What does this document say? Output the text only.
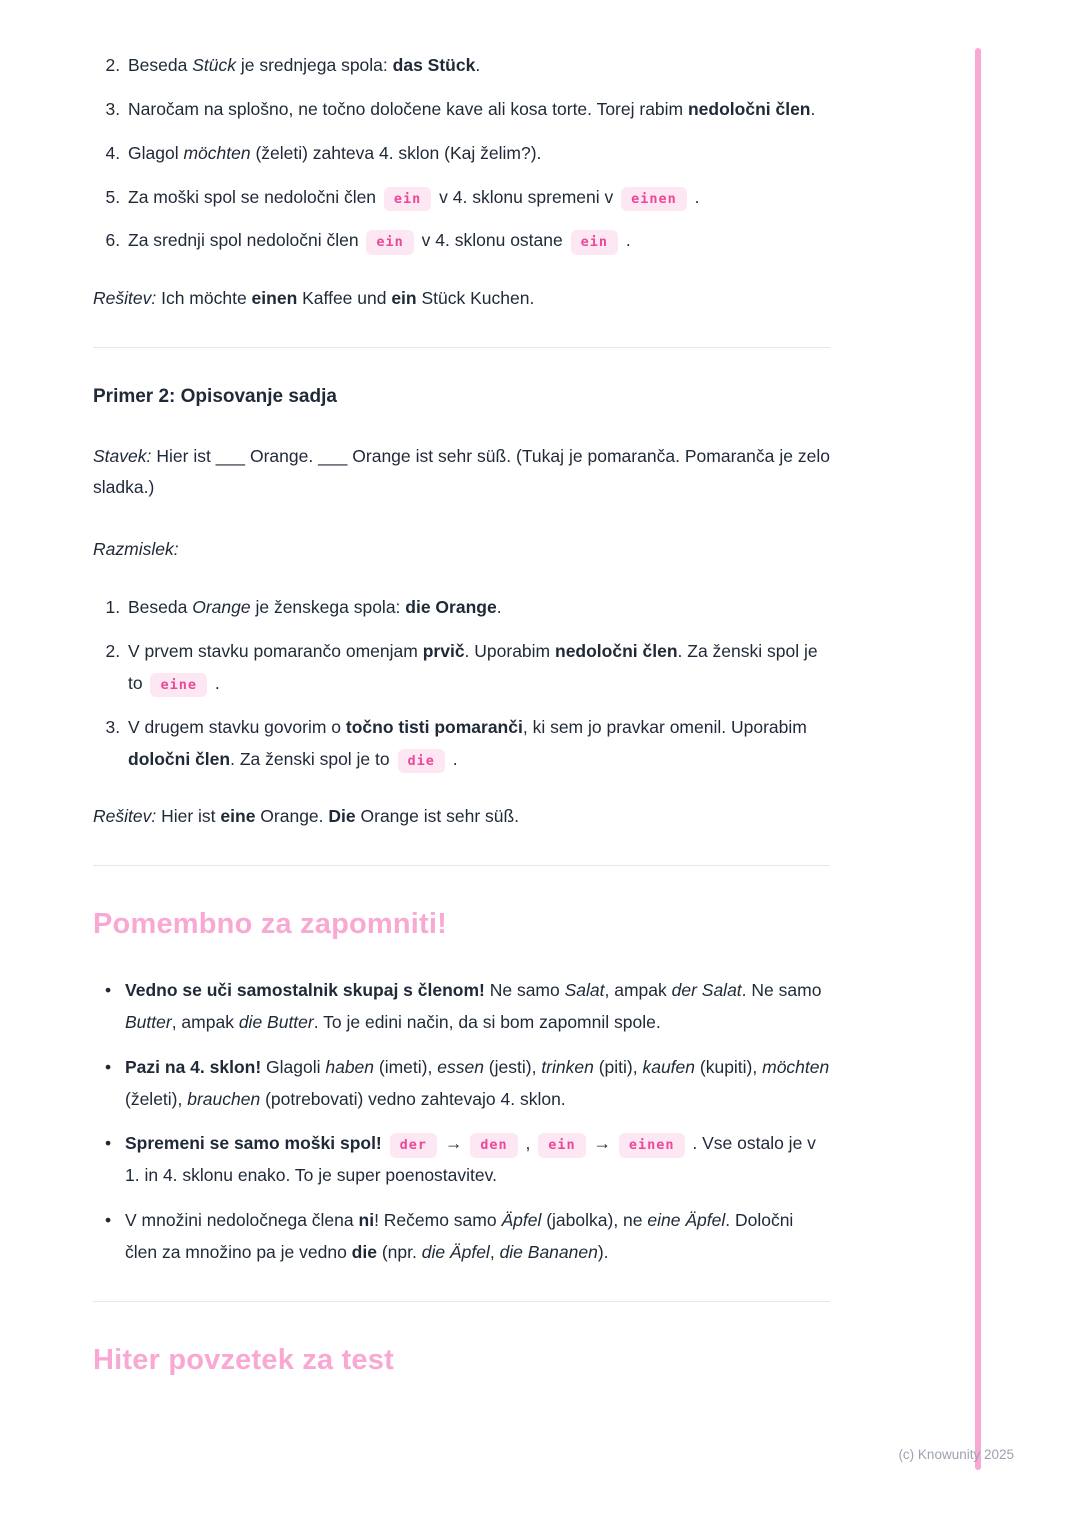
2. Beseda Stück je srednjega spola: das Stück.
3. Naročam na splošno, ne točno določene kave ali kosa torte. Torej rabim nedoločni člen.
4. Glagol möchten (želeti) zahteva 4. sklon (Kaj želim?).
5. Za moški spol se nedoločni člen ein v 4. sklonu spremeni v einen .
6. Za srednji spol nedoločni člen ein v 4. sklonu ostane ein .

Rešitev: Ich möchte einen Kaffee und ein Stück Kuchen.

Primer 2: Opisovanje sadja

Stavek: Hier ist ___ Orange. ___ Orange ist sehr süß. (Tukaj je pomaranča. Pomaranča je zelo sladka.)

Razmislek:

1. Beseda Orange je ženskega spola: die Orange.
2. V prvem stavku pomarančo omenjam prvič. Uporabim nedoločni člen. Za ženski spol je to eine .
3. V drugem stavku govorim o točno tisti pomaranči, ki sem jo pravkar omenil. Uporabim določni člen. Za ženski spol je to die .

Rešitev: Hier ist eine Orange. Die Orange ist sehr süß.

Pomembno za zapomniti!
• Vedno se uči samostalnik skupaj s členom! Ne samo Salat, ampak der Salat. Ne samo Butter, ampak die Butter. To je edini način, da si bom zapomnil spole.
• Pazi na 4. sklon! Glagoli haben (imeti), essen (jesti), trinken (piti), kaufen (kupiti), möchten (želeti), brauchen (potrebovati) vedno zahtevajo 4. sklon.
• Spremeni se samo moški spol! der → den , ein → einen . Vse ostalo je v 1. in 4. sklonu enako. To je super poenostavitev.
• V množini nedoločnega člena ni! Rečemo samo Äpfel (jabolka), ne eine Äpfel. Določni člen za množino pa je vedno die (npr. die Äpfel, die Bananen).
Hiter povzetek za test
(c) Knowunity 2025
